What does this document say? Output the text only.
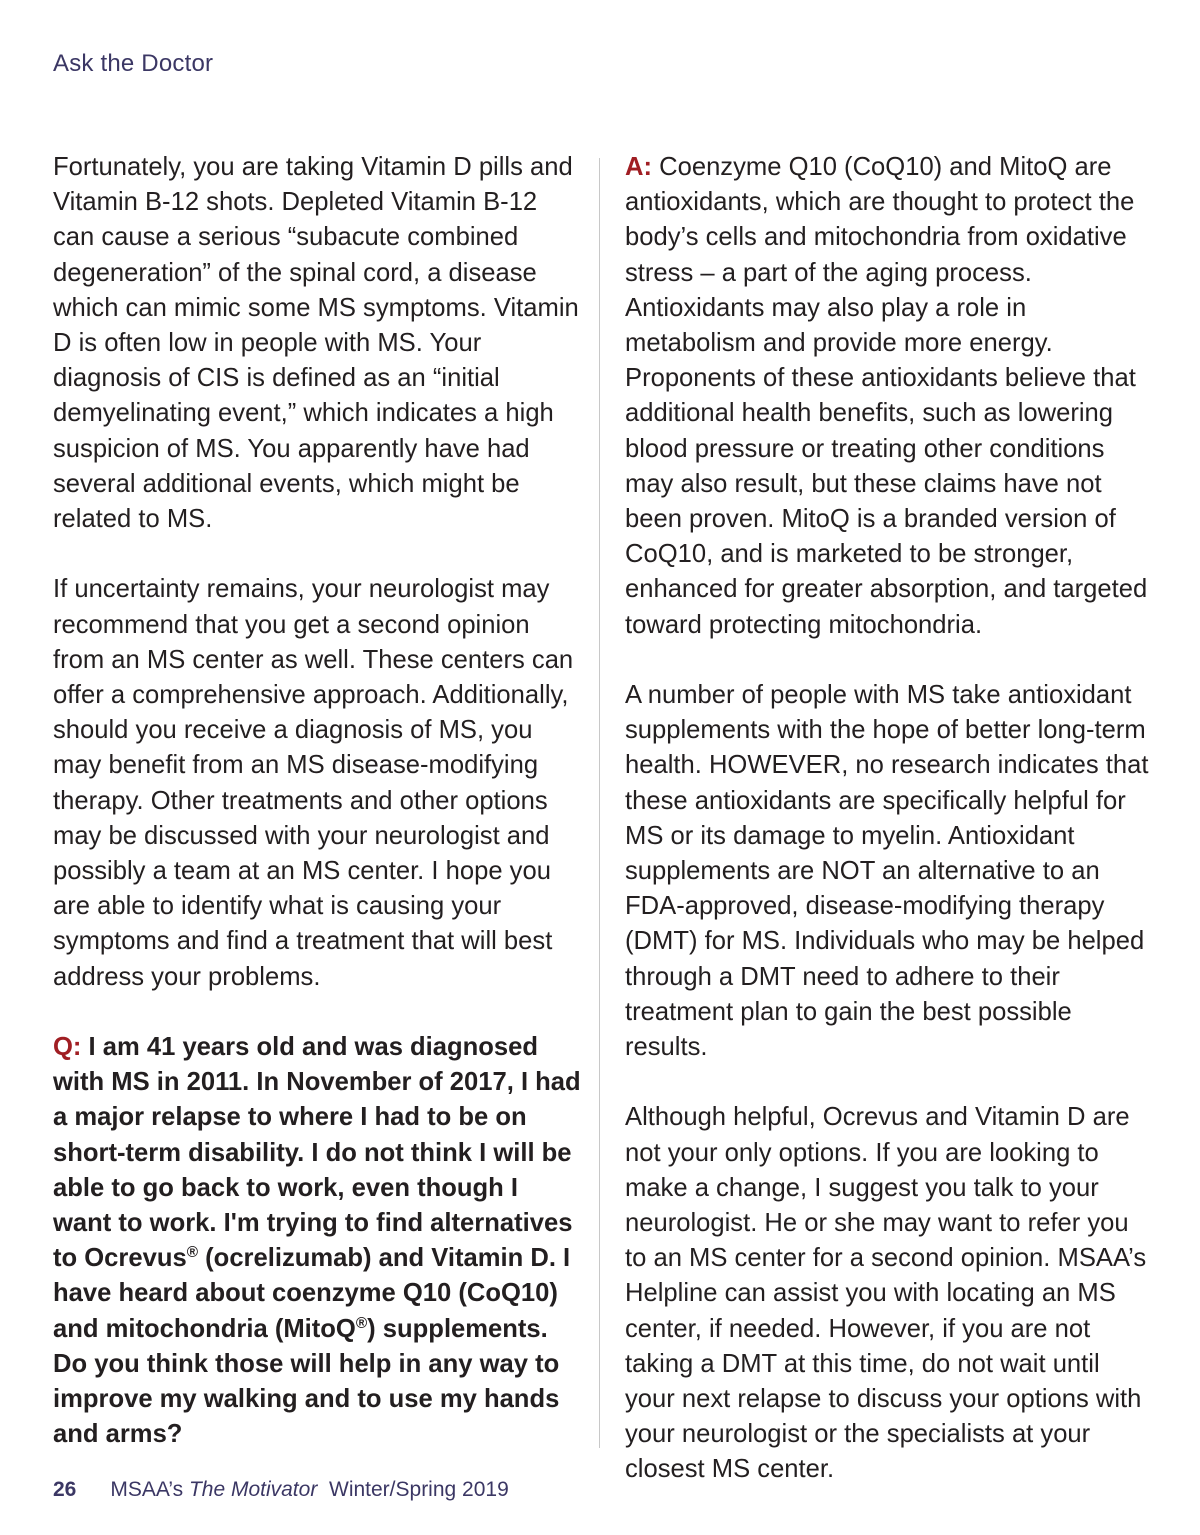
Ask the Doctor

Fortunately, you are taking Vitamin D pills and Vitamin B-12 shots. Depleted Vitamin B-12 can cause a serious “subacute combined degeneration” of the spinal cord, a disease which can mimic some MS symptoms. Vitamin D is often low in people with MS. Your diagnosis of CIS is defined as an “initial demyelinating event,” which indicates a high suspicion of MS. You apparently have had several additional events, which might be related to MS.

If uncertainty remains, your neurologist may recommend that you get a second opinion from an MS center as well. These centers can offer a comprehensive approach. Additionally, should you receive a diagnosis of MS, you may benefit from an MS disease-modifying therapy. Other treatments and other options may be discussed with your neurologist and possibly a team at an MS center. I hope you are able to identify what is causing your symptoms and find a treatment that will best address your problems.

Q: I am 41 years old and was diagnosed with MS in 2011. In November of 2017, I had a major relapse to where I had to be on short-term disability. I do not think I will be able to go back to work, even though I want to work. I'm trying to find alternatives to Ocrevus® (ocrelizumab) and Vitamin D. I have heard about coenzyme Q10 (CoQ10) and mitochondria (MitoQ®) supplements. Do you think those will help in any way to improve my walking and to use my hands and arms?

A: Coenzyme Q10 (CoQ10) and MitoQ are antioxidants, which are thought to protect the body’s cells and mitochondria from oxidative stress – a part of the aging process. Antioxidants may also play a role in metabolism and provide more energy. Proponents of these antioxidants believe that additional health benefits, such as lowering blood pressure or treating other conditions may also result, but these claims have not been proven. MitoQ is a branded version of CoQ10, and is marketed to be stronger, enhanced for greater absorption, and targeted toward protecting mitochondria.

A number of people with MS take antioxidant supplements with the hope of better long-term health. HOWEVER, no research indicates that these antioxidants are specifically helpful for MS or its damage to myelin. Antioxidant supplements are NOT an alternative to an FDA-approved, disease-modifying therapy (DMT) for MS. Individuals who may be helped through a DMT need to adhere to their treatment plan to gain the best possible results.

Although helpful, Ocrevus and Vitamin D are not your only options. If you are looking to make a change, I suggest you talk to your neurologist. He or she may want to refer you to an MS center for a second opinion. MSAA’s Helpline can assist you with locating an MS center, if needed. However, if you are not taking a DMT at this time, do not wait until your next relapse to discuss your options with your neurologist or the specialists at your closest MS center.

26 MSAA’s The Motivator Winter/Spring 2019
